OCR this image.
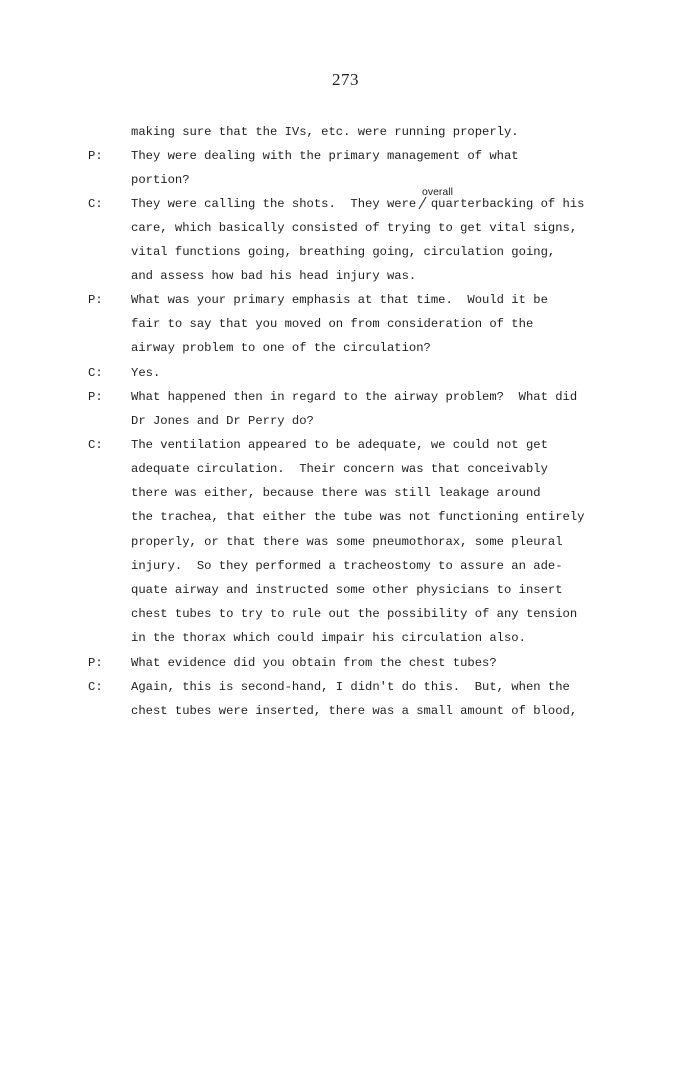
273
P:
C:
P:
C:
P:
C:
P:
C:
overall
making sure that the IVs, etc. were running properly.
They were dealing with the primary management of what
portion?
They were calling the shots.  They were  quarterbacking of his
care, which basically consisted of trying to get vital signs,
vital functions going, breathing going, circulation going,
and assess how bad his head injury was.
What was your primary emphasis at that time.  Would it be
fair to say that you moved on from consideration of the
airway problem to one of the circulation?
Yes.
What happened then in regard to the airway problem?  What did
Dr Jones and Dr Perry do?
The ventilation appeared to be adequate, we could not get
adequate circulation.  Their concern was that conceivably
there was either, because there was still leakage around
the trachea, that either the tube was not functioning entirely
properly, or that there was some pneumothorax, some pleural
injury.  So they performed a tracheostomy to assure an ade-
quate airway and instructed some other physicians to insert
chest tubes to try to rule out the possibility of any tension
in the thorax which could impair his circulation also.
What evidence did you obtain from the chest tubes?
Again, this is second-hand, I didn't do this.  But, when the
chest tubes were inserted, there was a small amount of blood,
